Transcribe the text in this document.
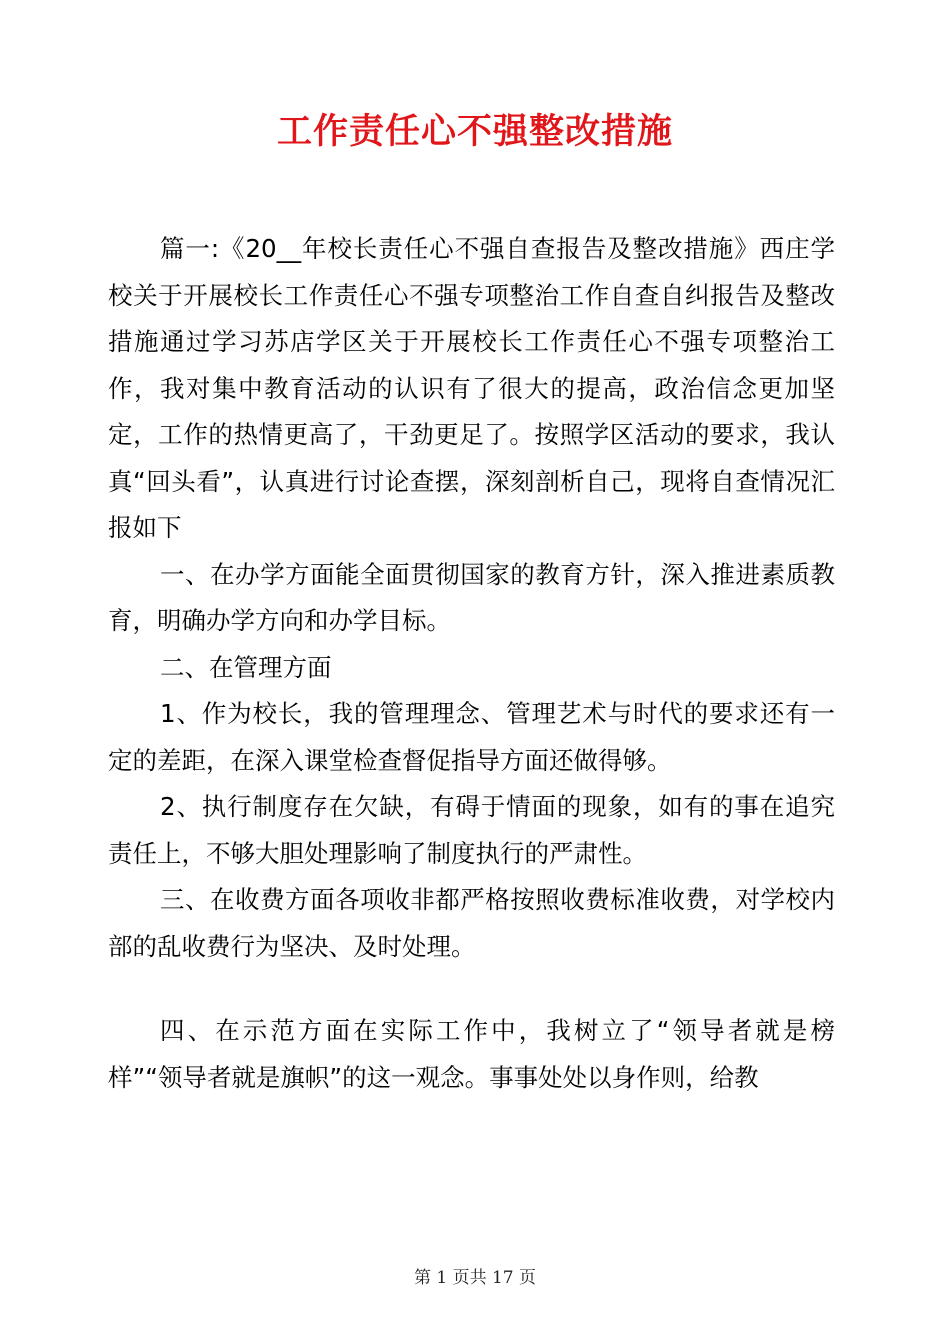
工作责任心不强整改措施

篇一:《20__年校长责任心不强自查报告及整改措施》西庄学校关于开展校长工作责任心不强专项整治工作自查自纠报告及整改措施通过学习苏店学区关于开展校长工作责任心不强专项整治工作，我对集中教育活动的认识有了很大的提高，政治信念更加坚定，工作的热情更高了，干劲更足了。按照学区活动的要求，我认真“回头看”，认真进行讨论查摆，深刻剖析自己，现将自查情况汇报如下

一、在办学方面能全面贯彻国家的教育方针，深入推进素质教育，明确办学方向和办学目标。

二、在管理方面

1、作为校长，我的管理理念、管理艺术与时代的要求还有一定的差距，在深入课堂检查督促指导方面还做得够。

2、执行制度存在欠缺，有碍于情面的现象，如有的事在追究责任上，不够大胆处理影响了制度执行的严肃性。

三、在收费方面各项收非都严格按照收费标准收费，对学校内部的乱收费行为坚决、及时处理。

四、在示范方面在实际工作中，我树立了“领导者就是榜样”“领导者就是旗帜”的这一观念。事事处处以身作则，给教

第 1 页共 17 页
